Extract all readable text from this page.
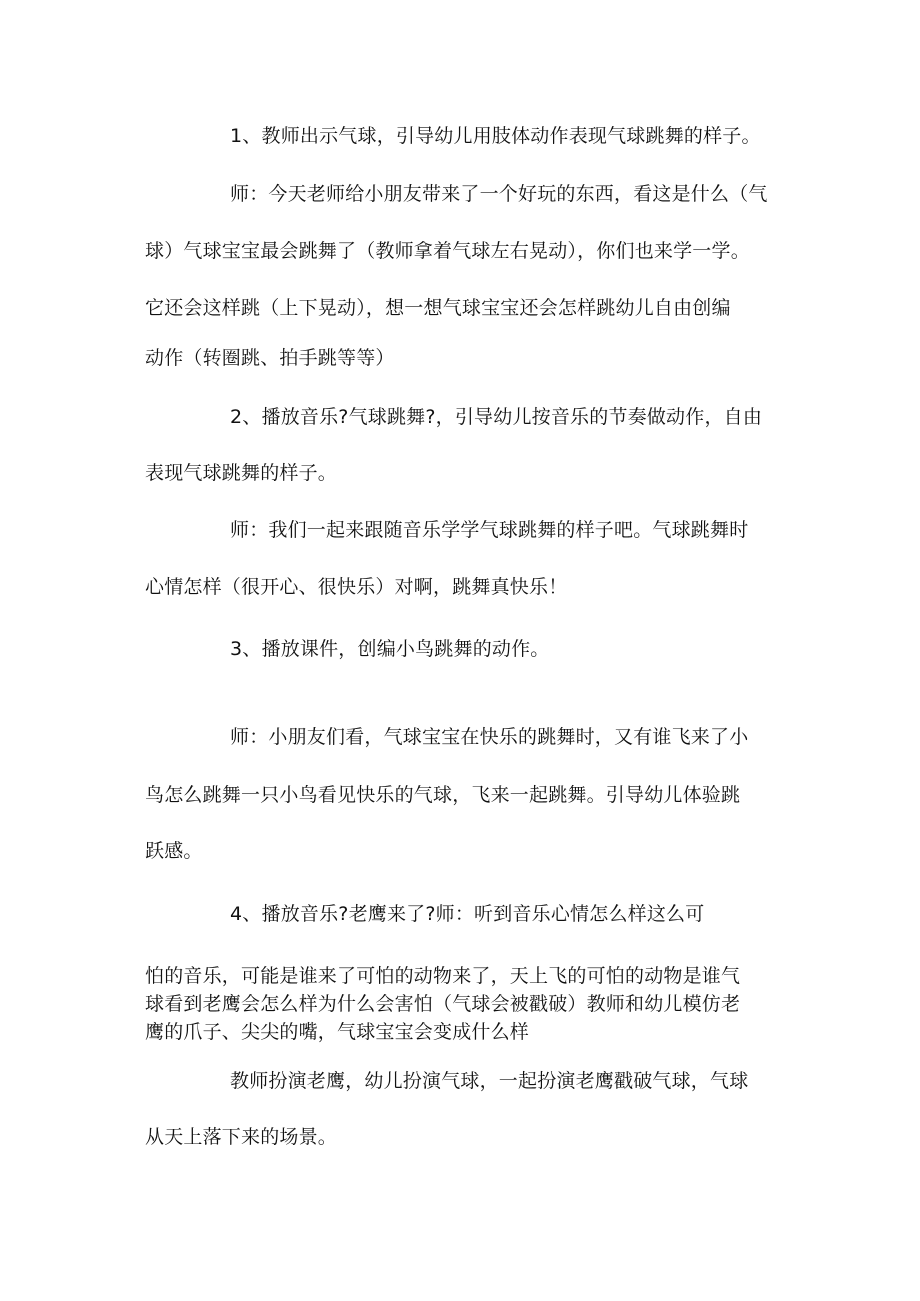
1、教师出示气球，引导幼儿用肢体动作表现气球跳舞的样子。
师：今天老师给小朋友带来了一个好玩的东西，看这是什么（气
球）气球宝宝最会跳舞了（教师拿着气球左右晃动），你们也来学一学。
它还会这样跳（上下晃动），想一想气球宝宝还会怎样跳幼儿自由创编
动作（转圈跳、拍手跳等等）
2、播放音乐?气球跳舞?，引导幼儿按音乐的节奏做动作，自由
表现气球跳舞的样子。
师：我们一起来跟随音乐学学气球跳舞的样子吧。气球跳舞时
心情怎样（很开心、很快乐）对啊，跳舞真快乐！
3、播放课件，创编小鸟跳舞的动作。
师：小朋友们看，气球宝宝在快乐的跳舞时，又有谁飞来了小
鸟怎么跳舞一只小鸟看见快乐的气球，飞来一起跳舞。引导幼儿体验跳
跃感。
4、播放音乐?老鹰来了?师：听到音乐心情怎么样这么可
怕的音乐，可能是谁来了可怕的动物来了，天上飞的可怕的动物是谁气
球看到老鹰会怎么样为什么会害怕（气球会被戳破）教师和幼儿模仿老
鹰的爪子、尖尖的嘴，气球宝宝会变成什么样
教师扮演老鹰，幼儿扮演气球，一起扮演老鹰戳破气球，气球
从天上落下来的场景。
